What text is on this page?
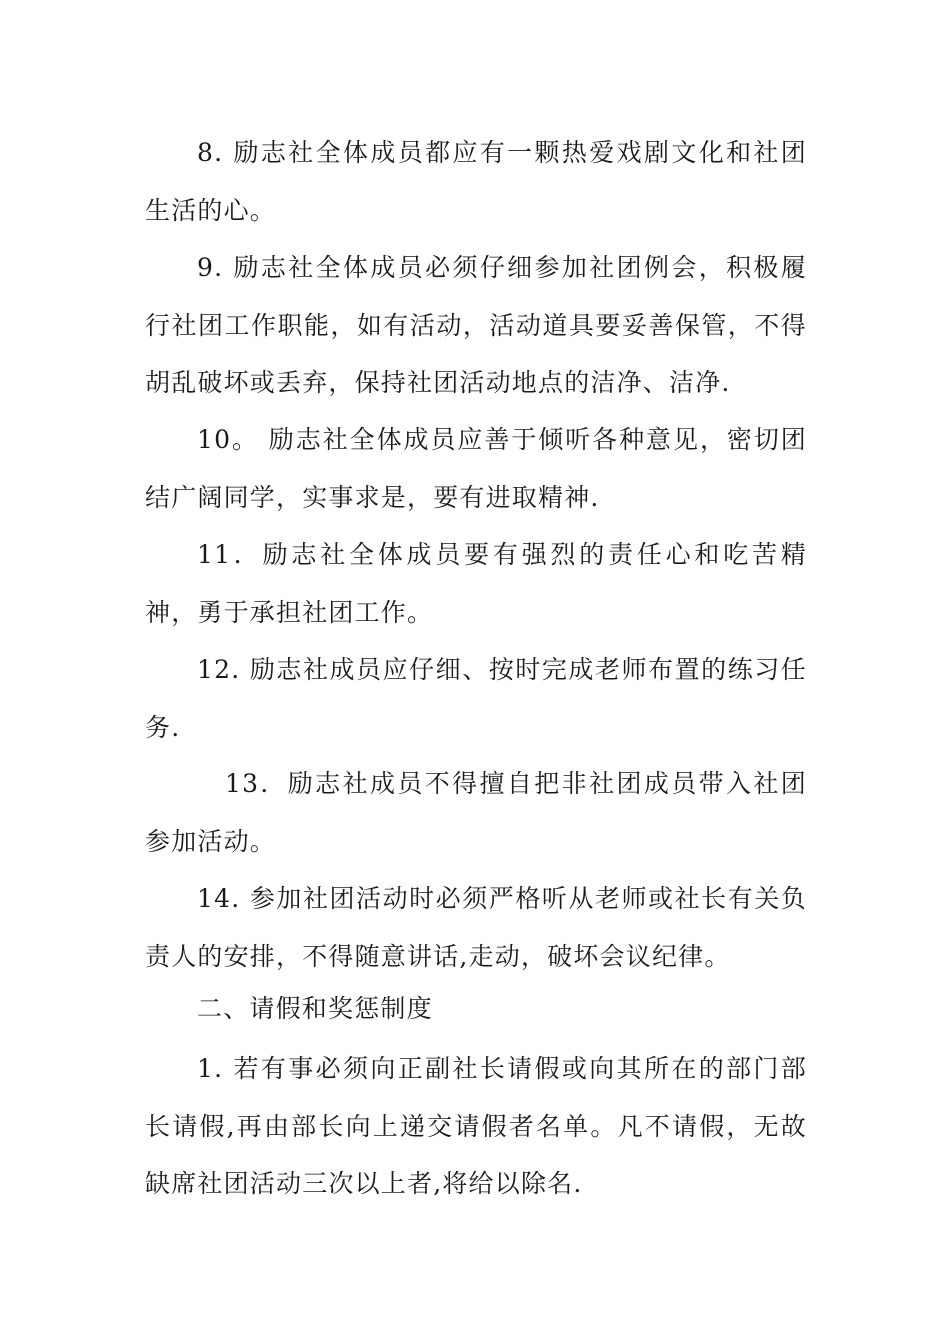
8. 励志社全体成员都应有一颗热爱戏剧文化和社团生活的心。

9. 励志社全体成员必须仔细参加社团例会，积极履行社团工作职能，如有活动，活动道具要妥善保管，不得胡乱破坏或丢弃，保持社团活动地点的洁净、洁净.

10。 励志社全体成员应善于倾听各种意见，密切团结广阔同学，实事求是，要有进取精神.

11．励志社全体成员要有强烈的责任心和吃苦精神，勇于承担社团工作。

12. 励志社成员应仔细、按时完成老师布置的练习任务.

13．励志社成员不得擅自把非社团成员带入社团参加活动。

14. 参加社团活动时必须严格听从老师或社长有关负责人的安排，不得随意讲话,走动，破坏会议纪律。

二、请假和奖惩制度

1. 若有事必须向正副社长请假或向其所在的部门部长请假,再由部长向上递交请假者名单。凡不请假，无故缺席社团活动三次以上者,将给以除名.
